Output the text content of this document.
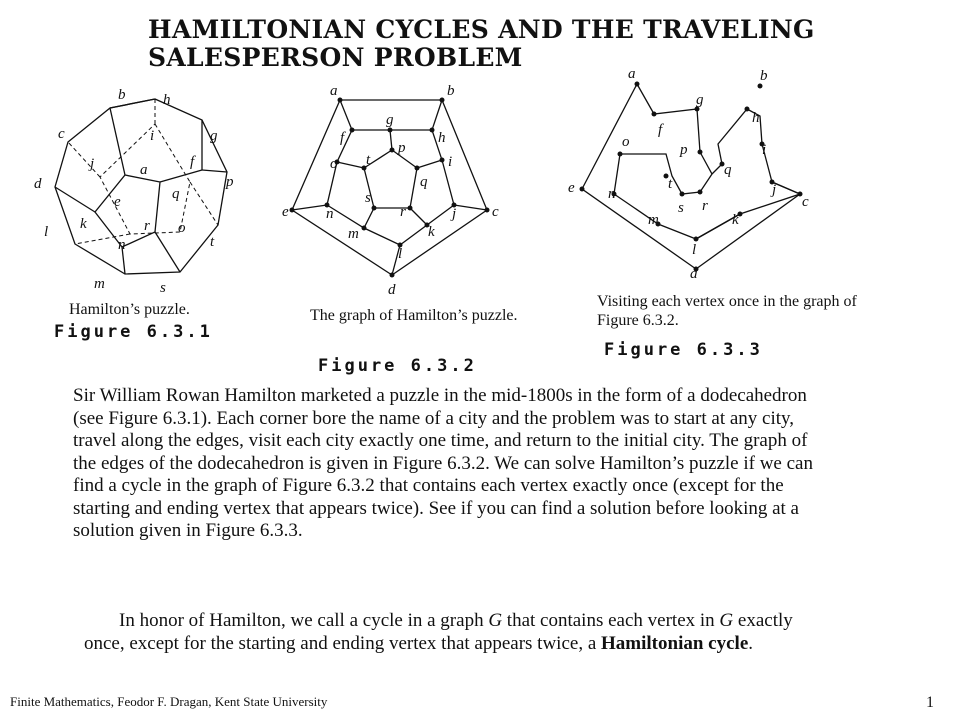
HAMILTONIAN CYCLES AND THE TRAVELING
SALESPERSON PROBLEM
b	h
c	i	g
j	f
a
d	p
q
e
k	r o
l
n	t
m	s
Hamilton’s puzzle.
Figure 6.3.1
a	b
g
f	h
p
o t	i
q
s
r
n	j
e	c
m	k
l
d
The graph of Hamilton’s puzzle.
Figure 6.3.2
a	b
g
h
f
o	p	i
q
t
e n
s r
j
c
m	k
l
d
Visiting each vertex once in the graph of Figure 6.3.2.
Figure 6.3.3
Sir William Rowan Hamilton marketed a puzzle in the mid-1800s in the form of a dodecahedron (see Figure 6.3.1). Each corner bore the name of a city and the problem was to start at any city, travel along the edges, visit each city exactly one time, and return to the initial city. The graph of the edges of the dodecahedron is given in Figure 6.3.2. We can solve Hamilton’s puzzle if we can find a cycle in the graph of Figure 6.3.2 that contains each vertex exactly once (except for the starting and ending vertex that appears twice). See if you can find a solution before looking at a solution given in Figure 6.3.3.
In honor of Hamilton, we call a cycle in a graph G that contains each vertex in G exactly once, except for the starting and ending vertex that appears twice, a Hamiltonian cycle.
Finite Mathematics, Feodor F. Dragan, Kent State University	1
